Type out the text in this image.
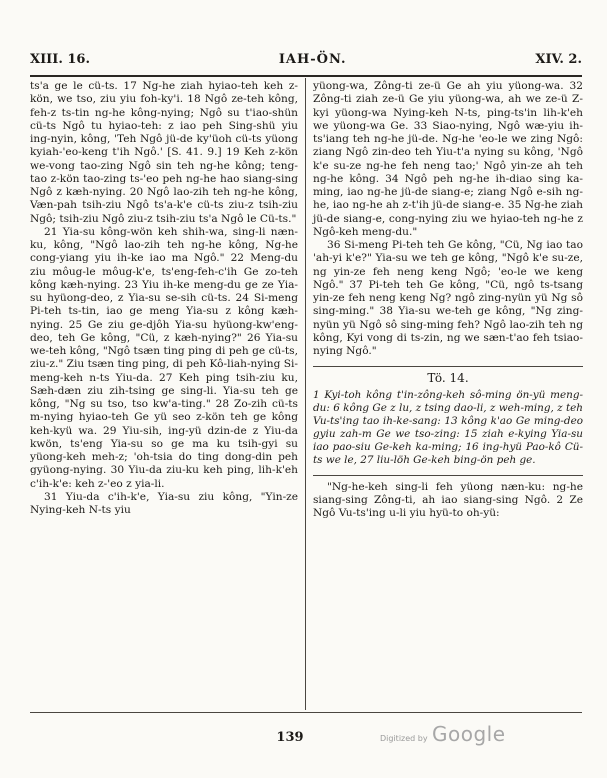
XIII. 16.	IAH-ÖN.	XIV. 2.

ts'a ge le cü-ts. 17 Ng-he ziah hyiao-teh keh z-kön, we tso, ziu yiu foh-ky'i. 18 Ngô ze-teh kông, feh-z ts-tin ng-he kông-nying; Ngô su t'iao-shün cü-ts Ngô tu hyiao-teh: z iao peh Sing-shü yiu ing-nyin, kông, 'Teh Ngô jü-de ky'üoh cü-ts yüong kyiah-'eo-keng t'ih Ngô.' [S. 41. 9.] 19 Keh z-kön we-vong tao-zing Ngô sin teh ng-he kông; teng-tao z-kön tao-zing ts-'eo peh ng-he hao siang-sing Ngô z kæh-nying. 20 Ngô lao-zih teh ng-he kông, Væn-pah tsih-ziu Ngô ts'a-k'e cü-ts ziu-z tsih-ziu Ngô; tsih-ziu Ngô ziu-z tsih-ziu ts'a Ngô le Cü-ts."

21 Yia-su kông-wön keh shih-wa, sing-li næn-ku, kông, "Ngô lao-zih teh ng-he kông, Ng-he cong-yiang yiu ih-ke iao ma Ngô." 22 Meng-du ziu môug-le môug-k'e, ts'eng-feh-c'ih Ge zo-teh kông kæh-nying. 23 Yiu ih-ke meng-du ge ze Yia-su hyüong-deo, z Yia-su se-sih cü-ts. 24 Si-meng Pi-teh ts-tin, iao ge meng Yia-su z kông kæh-nying. 25 Ge ziu ge-djôh Yia-su hyüong-kw'eng-deo, teh Ge kông, "Cü, z kæh-nying?" 26 Yia-su we-teh kông, "Ngô tsæn ting ping di peh ge cü-ts, ziu-z." Ziu tsæn ting ping, di peh Kô-liah-nying Si-meng-keh n-ts Yiu-da. 27 Keh ping tsih-ziu ku, Sæh-dæn ziu zih-tsing ge sing-li. Yia-su teh ge kông, "Ng su tso, tso kw'a-ting." 28 Zo-zih cü-ts m-nying hyiao-teh Ge yü seo z-kön teh ge kông keh-kyü wa. 29 Yiu-sih, ing-yü dzin-de z Yiu-da kwön, ts'eng Yia-su so ge ma ku tsih-gyi su yüong-keh meh-z; 'oh-tsia do ting dong-din peh gyüong-nying. 30 Yiu-da ziu-ku keh ping, lih-k'eh c'ih-k'e: keh z-'eo z yia-li.

31 Yiu-da c'ih-k'e, Yia-su ziu kông, "Yin-ze Nying-keh N-ts yiu

yüong-wa, Zông-ti ze-ü Ge ah yiu yüong-wa. 32 Zông-ti ziah ze-ü Ge yiu yüong-wa, ah we ze-ü Z-kyi yüong-wa Nying-keh N-ts, ping-ts'in lih-k'eh we yüong-wa Ge. 33 Siao-nying, Ngô wæ-yiu ih-ts'iang teh ng-he jü-de. Ng-he 'eo-le we zing Ngô: ziang Ngô zin-deo teh Yiu-t'a nying su kông, 'Ngô k'e su-ze ng-he feh neng tao;' Ngô yin-ze ah teh ng-he kông. 34 Ngô peh ng-he ih-diao sing ka-ming, iao ng-he jü-de siang-e; ziang Ngô e-sih ng-he, iao ng-he ah z-t'ih jü-de siang-e. 35 Ng-he ziah jü-de siang-e, cong-nying ziu we hyiao-teh ng-he z Ngô-keh meng-du."

36 Si-meng Pi-teh teh Ge kông, "Cü, Ng iao tao 'ah-yi k'e?" Yia-su we teh ge kông, "Ngô k'e su-ze, ng yin-ze feh neng keng Ngô; 'eo-le we keng Ngô." 37 Pi-teh teh Ge kông, "Cü, ngô ts-tsang yin-ze feh neng keng Ng? ngô zing-nyün yü Ng sô sing-ming." 38 Yia-su we-teh ge kông, "Ng zing-nyün yü Ngô sô sing-ming feh? Ngô lao-zih teh ng kông, Kyi vong di ts-zin, ng we sæn-t'ao feh tsiao-nying Ngô."

Tö. 14.

1 Kyi-toh kông t'in-zông-keh sô-ming ön-yü meng-du: 6 kông Ge z lu, z tsing dao-li, z weh-ming, z teh Vu-ts'ing tao ih-ke-sang: 13 kông k'ao Ge ming-deo gyiu zah-m Ge we tso-zing: 15 ziah e-kying Yia-su iao pao-siu Ge-keh ka-ming; 16 ing-hyü Pao-kô Cü-ts we le, 27 liu-löh Ge-keh bing-ön peh ge.

"Ng-he-keh sing-li feh yüong næn-ku: ng-he siang-sing Zông-ti, ah iao siang-sing Ngô. 2 Ze Ngô Vu-ts'ing u-li yiu hyü-to oh-yü:

139	Digitized by Google
